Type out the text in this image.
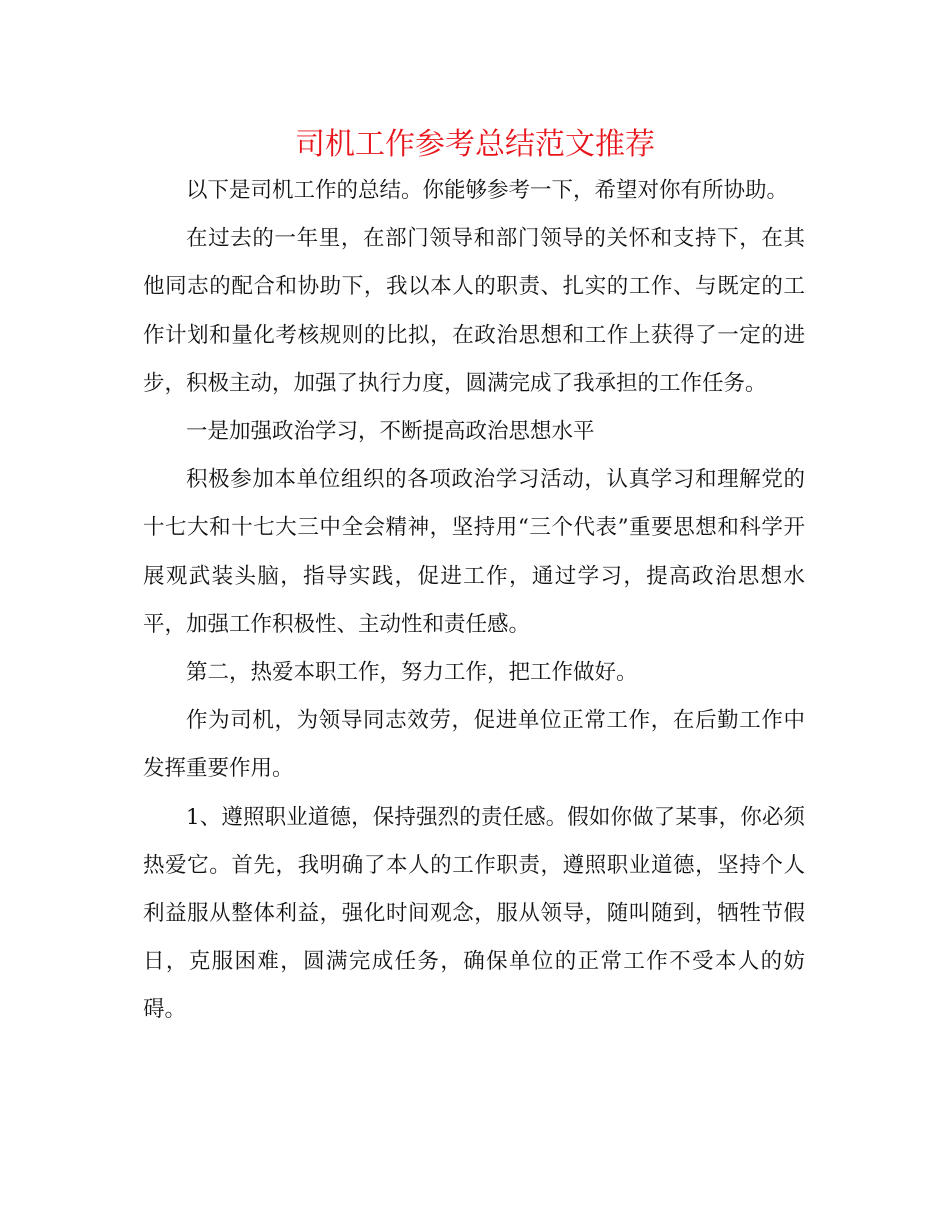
司机工作参考总结范文推荐

以下是司机工作的总结。你能够参考一下，希望对你有所协助。

在过去的一年里，在部门领导和部门领导的关怀和支持下，在其他同志的配合和协助下，我以本人的职责、扎实的工作、与既定的工作计划和量化考核规则的比拟，在政治思想和工作上获得了一定的进步，积极主动，加强了执行力度，圆满完成了我承担的工作任务。

一是加强政治学习，不断提高政治思想水平

积极参加本单位组织的各项政治学习活动，认真学习和理解党的十七大和十七大三中全会精神，坚持用“三个代表”重要思想和科学开展观武装头脑，指导实践，促进工作，通过学习，提高政治思想水平，加强工作积极性、主动性和责任感。

第二，热爱本职工作，努力工作，把工作做好。

作为司机，为领导同志效劳，促进单位正常工作，在后勤工作中发挥重要作用。

1、遵照职业道德，保持强烈的责任感。假如你做了某事，你必须热爱它。首先，我明确了本人的工作职责，遵照职业道德，坚持个人利益服从整体利益，强化时间观念，服从领导，随叫随到，牺牲节假日，克服困难，圆满完成任务，确保单位的正常工作不受本人的妨碍。
